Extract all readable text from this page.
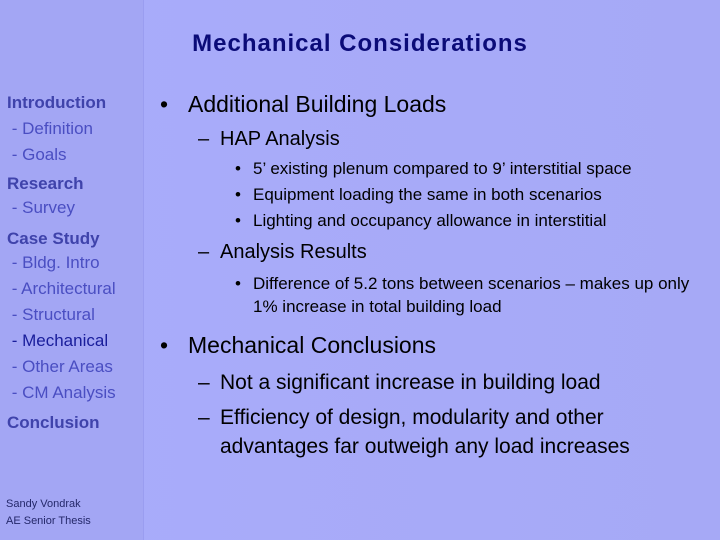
Mechanical Considerations
Introduction
- Definition
- Goals
Research
- Survey
Case Study
- Bldg. Intro
- Architectural
- Structural
- Mechanical
- Other Areas
- CM Analysis
Conclusion
Sandy Vondrak
AE Senior Thesis
• Additional Building Loads
– HAP Analysis
• 5’ existing plenum compared to 9’ interstitial space
• Equipment loading the same in both scenarios
• Lighting and occupancy allowance in interstitial
– Analysis Results
• Difference of 5.2 tons between scenarios – makes up only 1% increase in total building load
• Mechanical Conclusions
– Not a significant increase in building load
– Efficiency of design, modularity and other advantages far outweigh any load increases
